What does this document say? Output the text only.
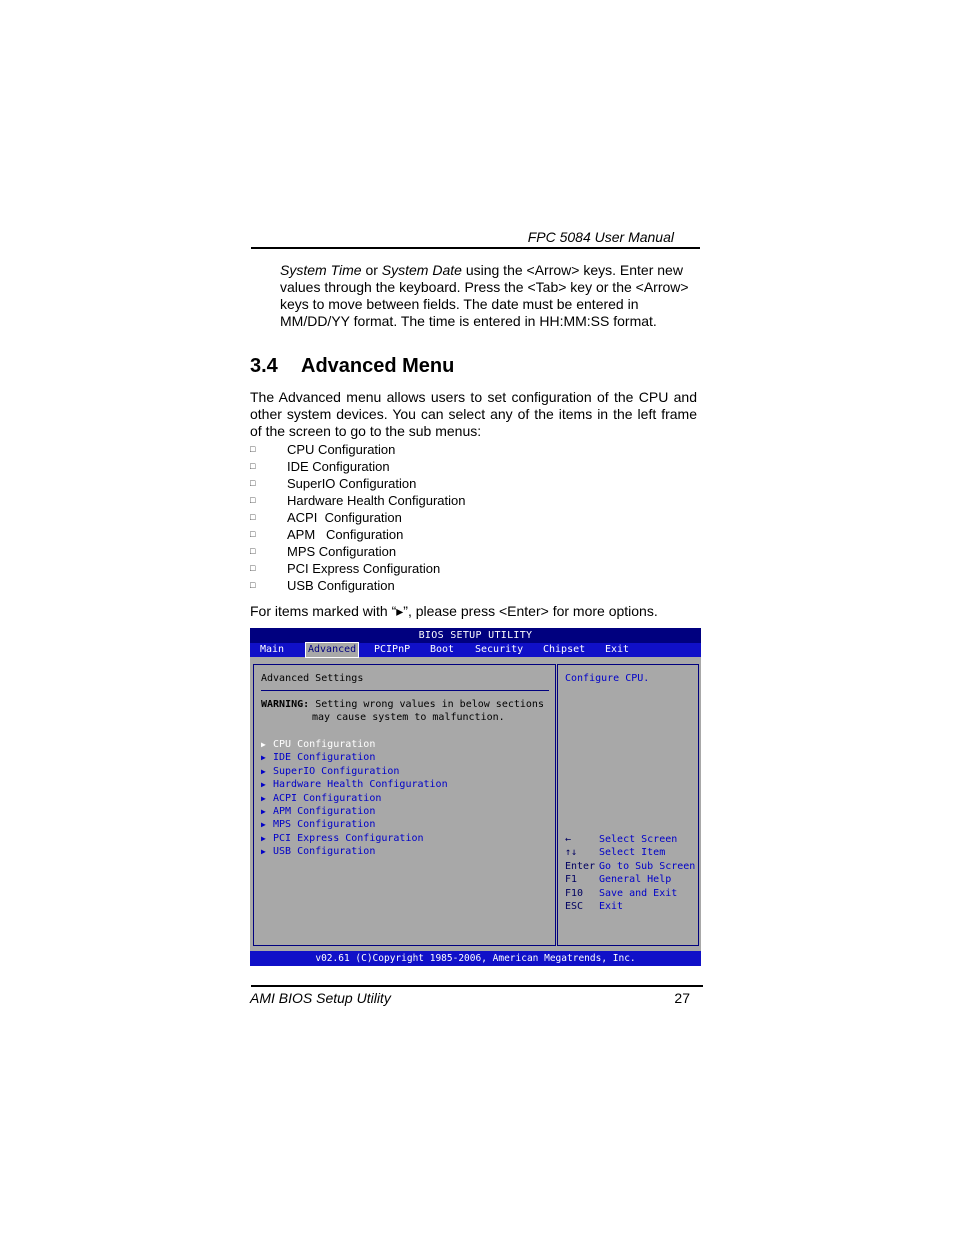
FPC 5084 User Manual
System Time or System Date using the <Arrow> keys. Enter new values through the keyboard. Press the <Tab> key or the <Arrow> keys to move between fields. The date must be entered in MM/DD/YY format. The time is entered in HH:MM:SS format.
3.4 Advanced Menu
The Advanced menu allows users to set configuration of the CPU and other system devices. You can select any of the items in the left frame of the screen to go to the sub menus:
□	CPU Configuration
□	IDE Configuration
□	SuperIO Configuration
□	Hardware Health Configuration
□	ACPI  Configuration
□	APM   Configuration
□	MPS Configuration
□	PCI Express Configuration
□	USB Configuration
For items marked with “▸”, please press <Enter> for more options.
BIOS SETUP UTILITY
Main Advanced PCIPnP Boot Security Chipset Exit
Advanced Settings
WARNING: Setting wrong values in below sections
may cause system to malfunction.
▶ CPU Configuration
▶ IDE Configuration
▶ SuperIO Configuration
▶ Hardware Health Configuration
▶ ACPI Configuration
▶ APM Configuration
▶ MPS Configuration
▶ PCI Express Configuration
▶ USB Configuration
Configure CPU.
←	Select Screen
↑↓ Select Item
Enter Go to Sub Screen
F1 General Help
F10 Save and Exit
ESC Exit
v02.61 (C)Copyright 1985-2006, American Megatrends, Inc.
AMI BIOS Setup Utility	27
